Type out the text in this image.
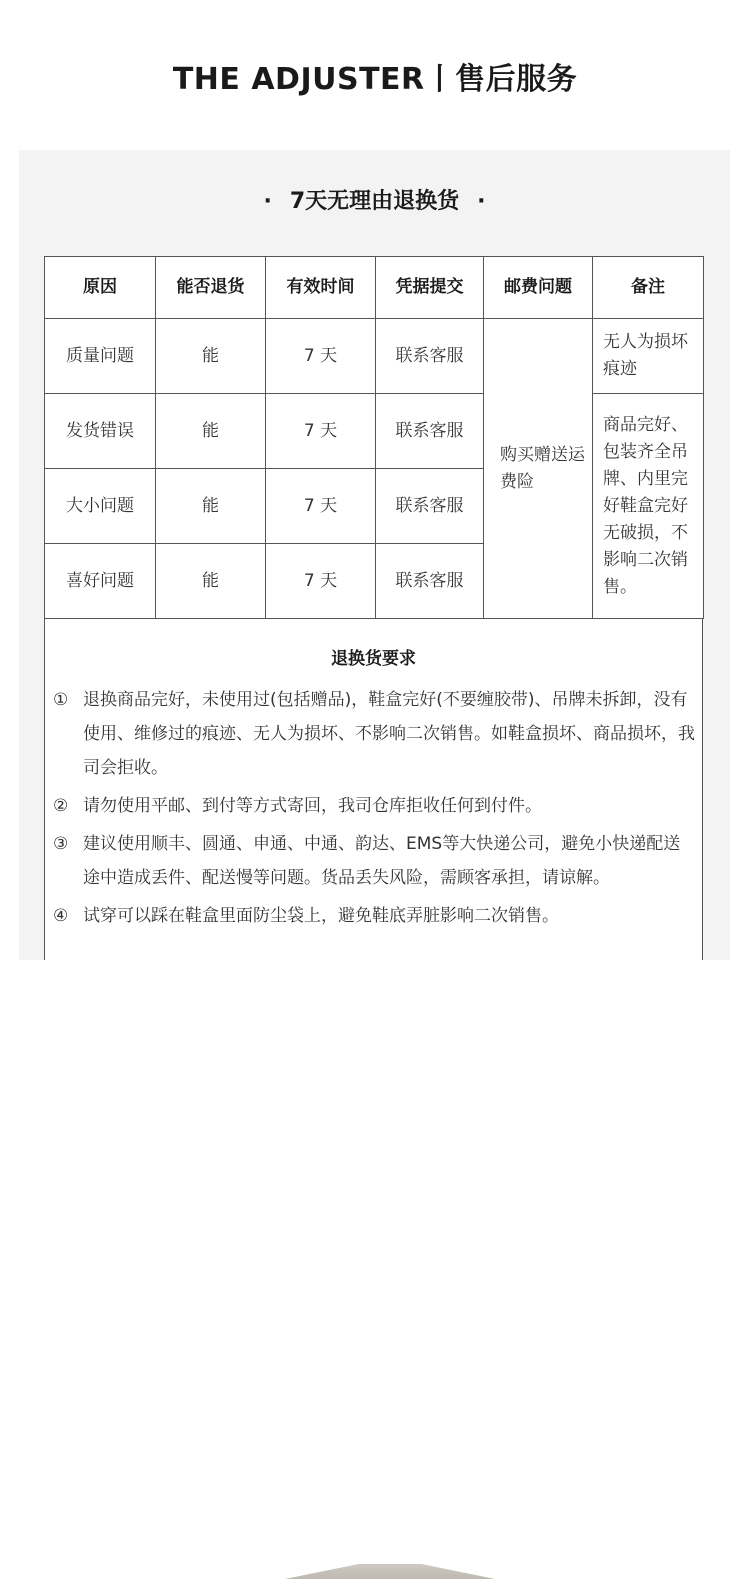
THE ADJUSTER丨售后服务
· 7天无理由退换货 ·
原因	能否退货	有效时间	凭据提交	邮费问题	备注
质量问题	能	7 天	联系客服	购买赠送运费险	无人为损坏痕迹
发货错误	能	7 天	联系客服		商品完好、包装齐全吊牌、内里完好鞋盒完好无破损，不影响二次销售。
大小问题	能	7 天	联系客服		
喜好问题	能	7 天	联系客服		
退换货要求
① 退换商品完好，未使用过(包括赠品)，鞋盒完好(不要缠胶带)、吊牌未拆卸，没有使用、维修过的痕迹、无人为损坏、不影响二次销售。如鞋盒损坏、商品损坏，我司会拒收。
② 请勿使用平邮、到付等方式寄回，我司仓库拒收任何到付件。
③ 建议使用顺丰、圆通、申通、中通、韵达、EMS等大快递公司，避免小快递配送途中造成丢件、配送慢等问题。货品丢失风险，需顾客承担，请谅解。
④ 试穿可以踩在鞋盒里面防尘袋上，避免鞋底弄脏影响二次销售。
